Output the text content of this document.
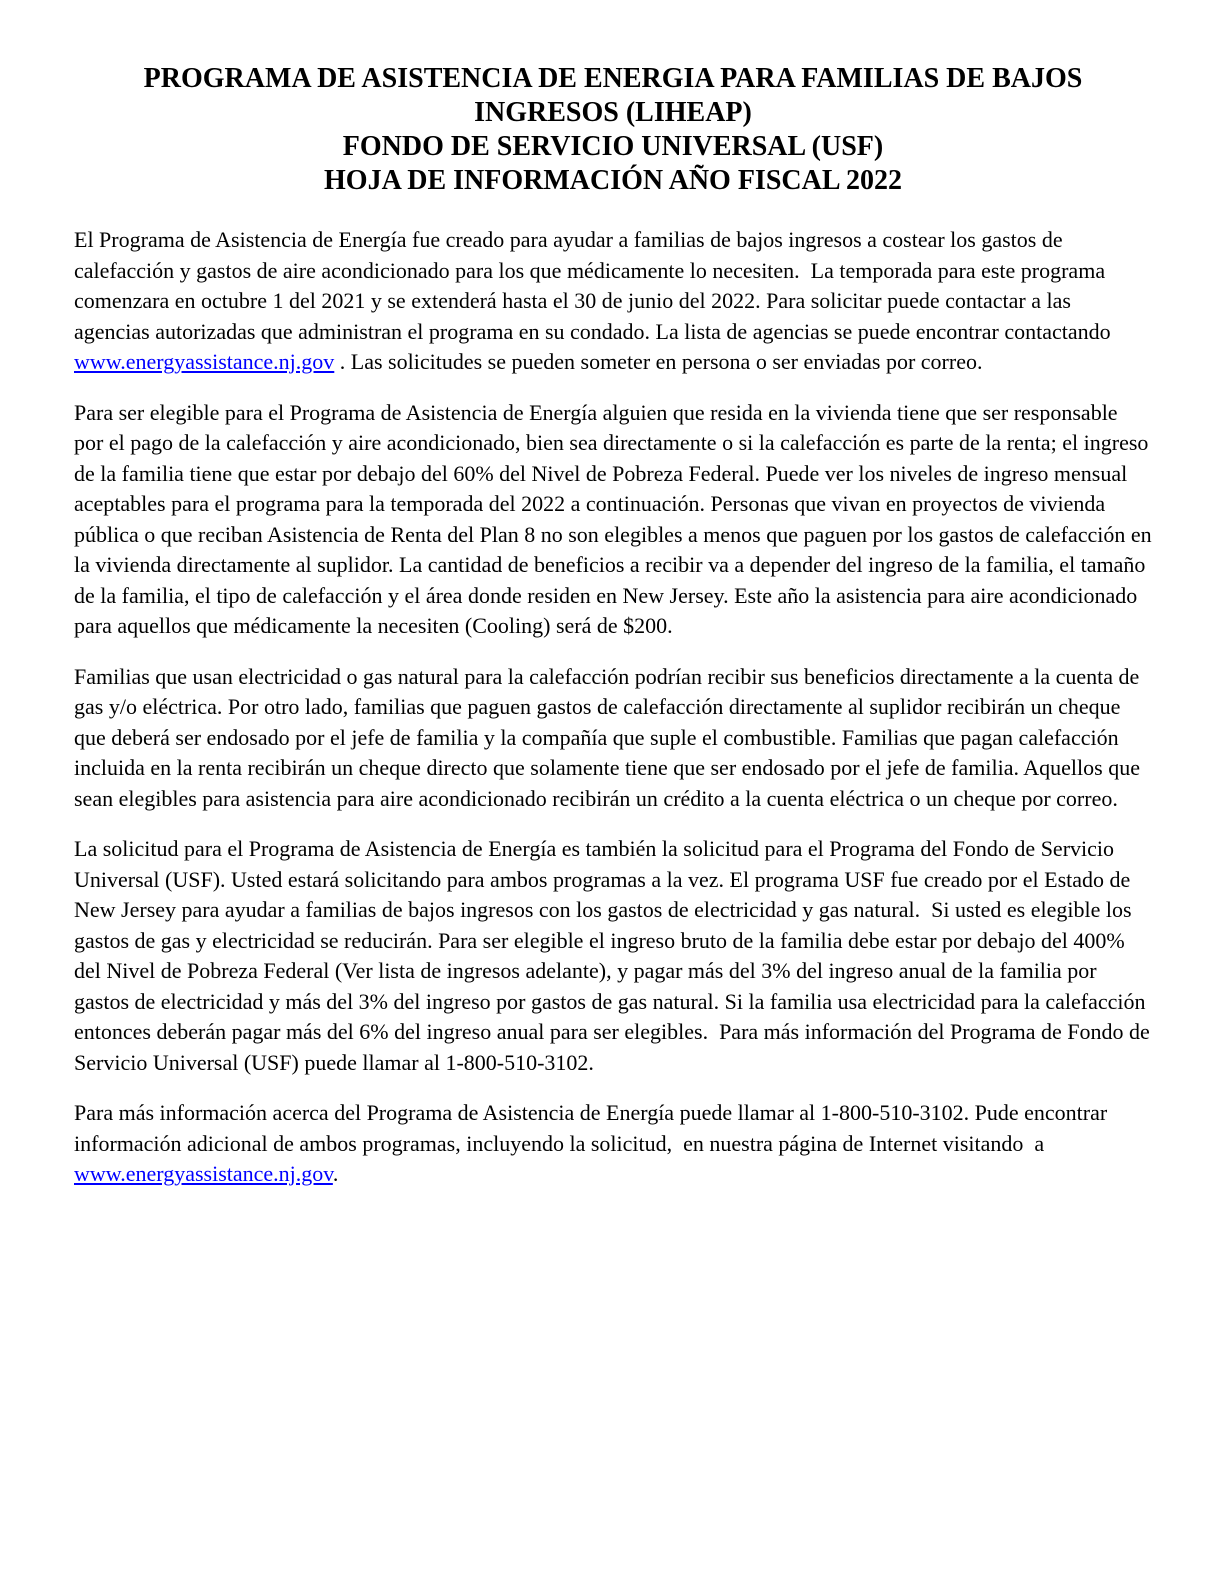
PROGRAMA DE ASISTENCIA DE ENERGIA PARA FAMILIAS DE BAJOS
INGRESOS (LIHEAP)
FONDO DE SERVICIO UNIVERSAL (USF)
HOJA DE INFORMACIÓN AÑO FISCAL 2022

El Programa de Asistencia de Energía fue creado para ayudar a familias de bajos ingresos a costear los gastos de calefacción y gastos de aire acondicionado para los que médicamente lo necesiten.  La temporada para este programa comenzara en octubre 1 del 2021 y se extenderá hasta el 30 de junio del 2022. Para solicitar puede contactar a las agencias autorizadas que administran el programa en su condado. La lista de agencias se puede encontrar contactando www.energyassistance.nj.gov . Las solicitudes se pueden someter en persona o ser enviadas por correo.

Para ser elegible para el Programa de Asistencia de Energía alguien que resida en la vivienda tiene que ser responsable por el pago de la calefacción y aire acondicionado, bien sea directamente o si la calefacción es parte de la renta; el ingreso de la familia tiene que estar por debajo del 60% del Nivel de Pobreza Federal. Puede ver los niveles de ingreso mensual aceptables para el programa para la temporada del 2022 a continuación. Personas que vivan en proyectos de vivienda pública o que reciban Asistencia de Renta del Plan 8 no son elegibles a menos que paguen por los gastos de calefacción en la vivienda directamente al suplidor. La cantidad de beneficios a recibir va a depender del ingreso de la familia, el tamaño de la familia, el tipo de calefacción y el área donde residen en New Jersey. Este año la asistencia para aire acondicionado para aquellos que médicamente la necesiten (Cooling) será de $200.

Familias que usan electricidad o gas natural para la calefacción podrían recibir sus beneficios directamente a la cuenta de gas y/o eléctrica. Por otro lado, familias que paguen gastos de calefacción directamente al suplidor recibirán un cheque que deberá ser endosado por el jefe de familia y la compañía que suple el combustible. Familias que pagan calefacción incluida en la renta recibirán un cheque directo que solamente tiene que ser endosado por el jefe de familia. Aquellos que sean elegibles para asistencia para aire acondicionado recibirán un crédito a la cuenta eléctrica o un cheque por correo.

La solicitud para el Programa de Asistencia de Energía es también la solicitud para el Programa del Fondo de Servicio Universal (USF). Usted estará solicitando para ambos programas a la vez. El programa USF fue creado por el Estado de New Jersey para ayudar a familias de bajos ingresos con los gastos de electricidad y gas natural.  Si usted es elegible los gastos de gas y electricidad se reducirán. Para ser elegible el ingreso bruto de la familia debe estar por debajo del 400% del Nivel de Pobreza Federal (Ver lista de ingresos adelante), y pagar más del 3% del ingreso anual de la familia por gastos de electricidad y más del 3% del ingreso por gastos de gas natural. Si la familia usa electricidad para la calefacción entonces deberán pagar más del 6% del ingreso anual para ser elegibles.  Para más información del Programa de Fondo de Servicio Universal (USF) puede llamar al 1-800-510-3102.

Para más información acerca del Programa de Asistencia de Energía puede llamar al 1-800-510-3102. Pude encontrar información adicional de ambos programas, incluyendo la solicitud,  en nuestra página de Internet visitando  a  www.energyassistance.nj.gov.
